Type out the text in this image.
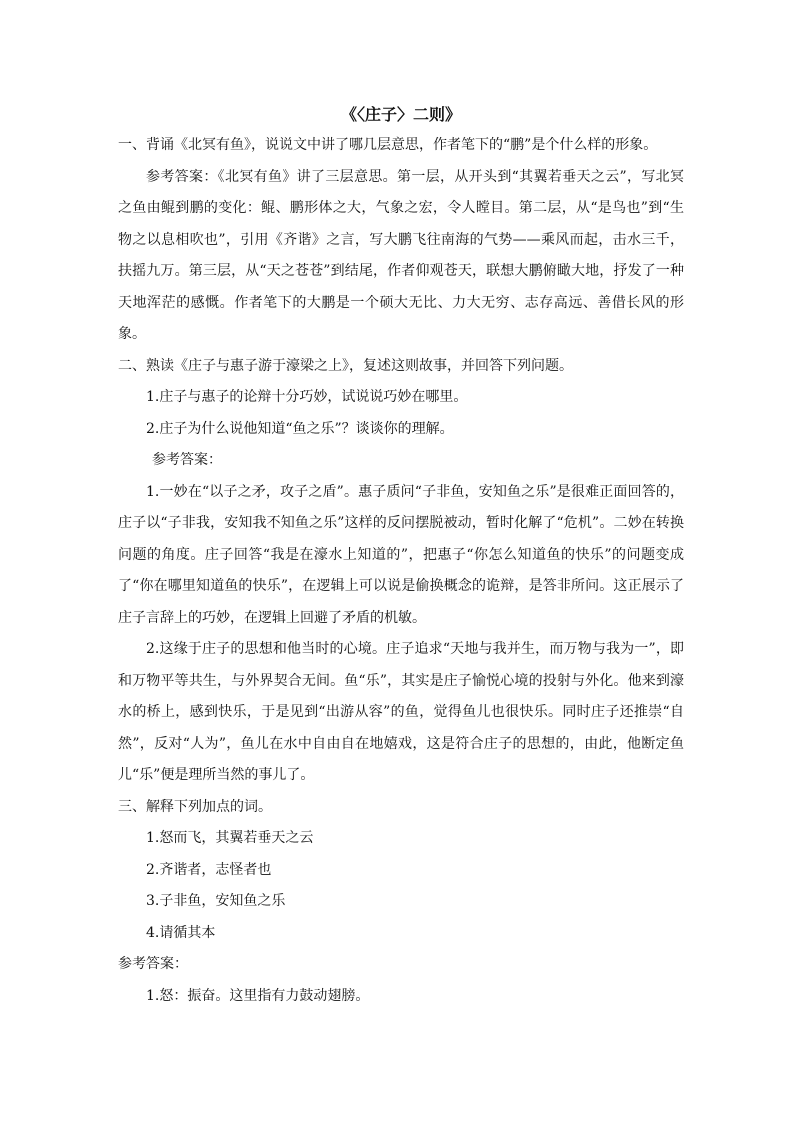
《〈庄子〉二则》

一、背诵《北冥有鱼》，说说文中讲了哪几层意思，作者笔下的“鹏”是个什么样的形象。

参考答案：《北冥有鱼》讲了三层意思。第一层，从开头到“其翼若垂天之云”，写北冥之鱼由鲲到鹏的变化：鲲、鹏形体之大，气象之宏，令人瞠目。第二层，从“是鸟也”到“生物之以息相吹也”，引用《齐谐》之言，写大鹏飞往南海的气势——乘风而起，击水三千，扶摇九万。第三层，从“天之苍苍”到结尾，作者仰观苍天，联想大鹏俯瞰大地，抒发了一种天地浑茫的感慨。作者笔下的大鹏是一个硕大无比、力大无穷、志存高远、善借长风的形象。

二、熟读《庄子与惠子游于濠梁之上》，复述这则故事，并回答下列问题。

1.庄子与惠子的论辩十分巧妙，试说说巧妙在哪里。

2.庄子为什么说他知道“鱼之乐”？谈谈你的理解。

参考答案：

1.一妙在“以子之矛，攻子之盾”。惠子质问“子非鱼，安知鱼之乐”是很难正面回答的，庄子以“子非我，安知我不知鱼之乐”这样的反问摆脱被动，暂时化解了“危机”。二妙在转换问题的角度。庄子回答“我是在濠水上知道的”，把惠子“你怎么知道鱼的快乐”的问题变成了“你在哪里知道鱼的快乐”，在逻辑上可以说是偷换概念的诡辩，是答非所问。这正展示了庄子言辞上的巧妙，在逻辑上回避了矛盾的机敏。

2.这缘于庄子的思想和他当时的心境。庄子追求“天地与我并生，而万物与我为一”，即和万物平等共生，与外界契合无间。鱼“乐”，其实是庄子愉悦心境的投射与外化。他来到濠水的桥上，感到快乐，于是见到“出游从容”的鱼，觉得鱼儿也很快乐。同时庄子还推崇“自然”，反对“人为”，鱼儿在水中自由自在地嬉戏，这是符合庄子的思想的，由此，他断定鱼儿“乐”便是理所当然的事儿了。

三、解释下列加点的词。

1.怒而飞，其翼若垂天之云

2.齐谐者，志怪者也

3.子非鱼，安知鱼之乐

4.请循其本

参考答案：

1.怒：振奋。这里指有力鼓动翅膀。
